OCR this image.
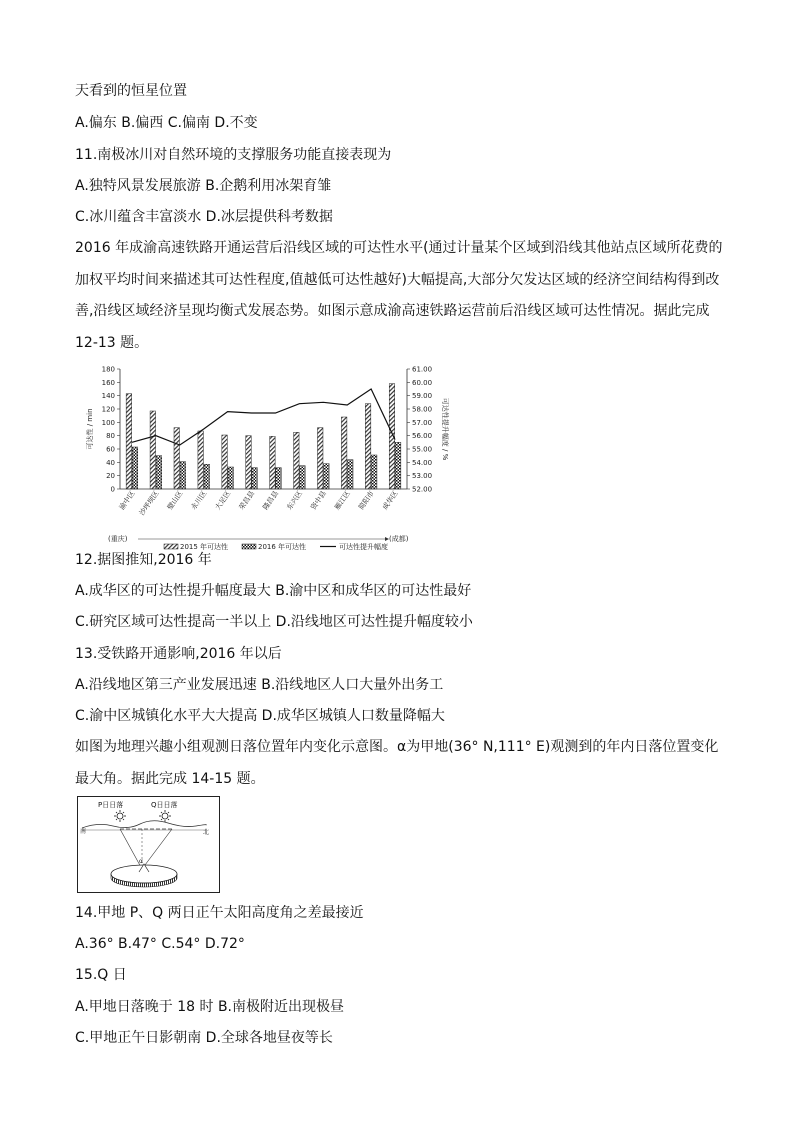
天看到的恒星位置
A.偏东 B.偏西 C.偏南 D.不变
11.南极冰川对自然环境的支撑服务功能直接表现为
A.独特风景发展旅游 B.企鹅利用冰架育雏
C.冰川蕴含丰富淡水 D.冰层提供科考数据
2016 年成渝高速铁路开通运营后沿线区域的可达性水平(通过计量某个区域到沿线其他站点区域所花费的加权平均时间来描述其可达性程度,值越低可达性越好)大幅提高,大部分欠发达区域的经济空间结构得到改善,沿线区域经济呈现均衡式发展态势。如图示意成渝高速铁路运营前后沿线区域可达性情况。据此完成 12-13 题。
0
20
40
60
80
100
120
140
160
180
52.00
53.00
54.00
55.00
56.00
57.00
58.00
59.00
60.00
61.00
可达性 / min	可达性提升幅度 / %
渝中区 沙坪坝区 璧山区 永川区 大足区 荣昌县 隆昌县 东兴区 资中县 雁江区 简阳市 成华区
(重庆)	(成都)
2015 年可达性	2016 年可达性	可达性提升幅度
12.据图推知,2016 年
A.成华区的可达性提升幅度最大 B.渝中区和成华区的可达性最好
C.研究区域可达性提高一半以上 D.沿线地区可达性提升幅度较小
13.受铁路开通影响,2016 年以后
A.沿线地区第三产业发展迅速 B.沿线地区人口大量外出务工
C.渝中区城镇化水平大大提高 D.成华区城镇人口数量降幅大
如图为地理兴趣小组观测日落位置年内变化示意图。α为甲地(36° N,111° E)观测到的年内日落位置变化最大角。据此完成 14-15 题。
P日日落	Q日日落
南	北
α
14.甲地 P、Q 两日正午太阳高度角之差最接近
A.36° B.47° C.54° D.72°
15.Q 日
A.甲地日落晚于 18 时 B.南极附近出现极昼
C.甲地正午日影朝南 D.全球各地昼夜等长
